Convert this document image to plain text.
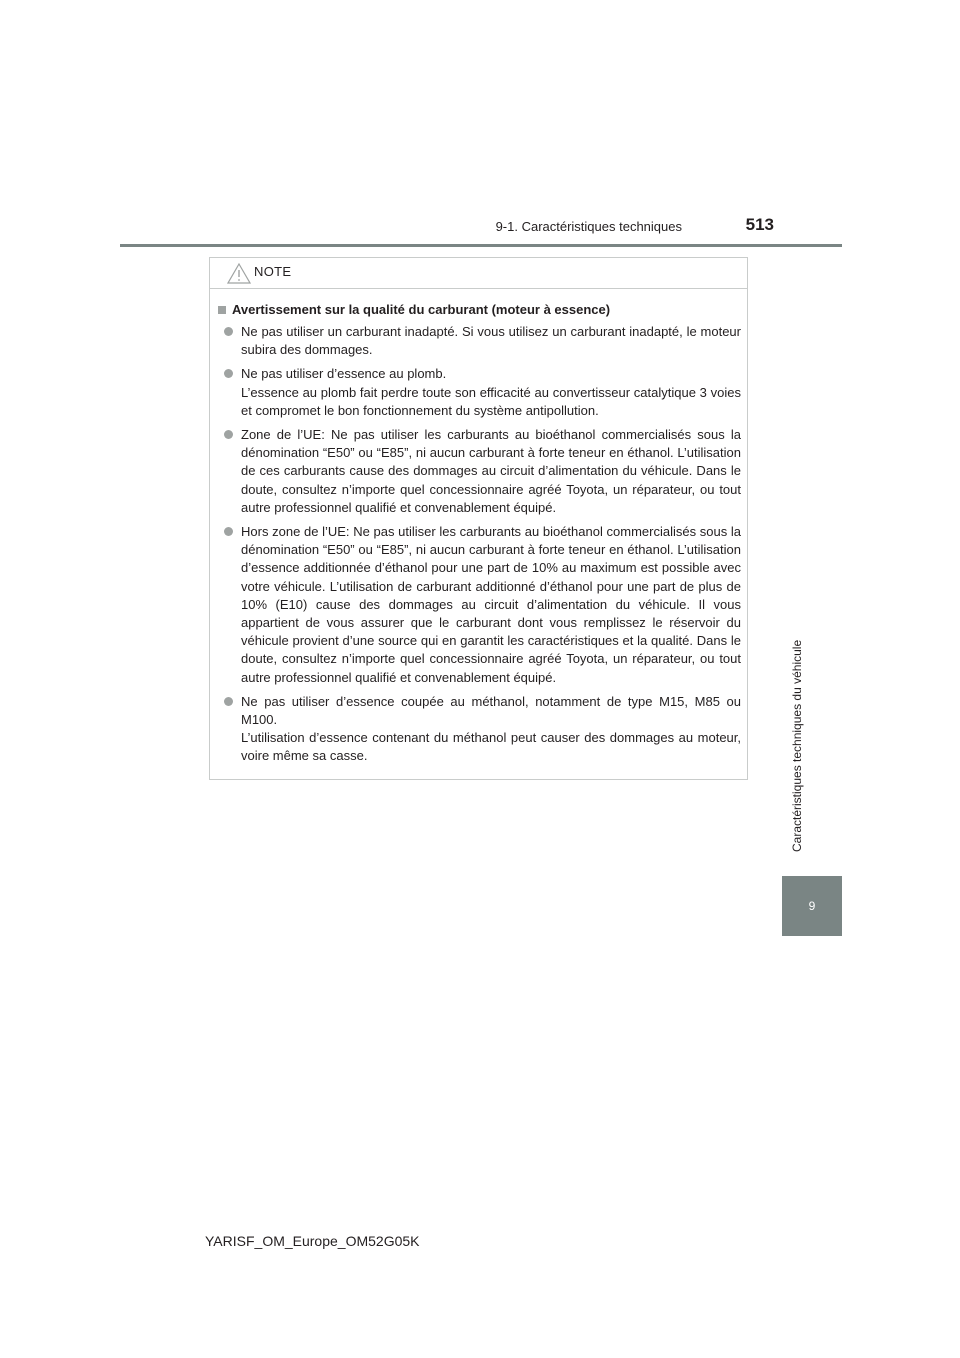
9-1. Caractéristiques techniques	513
Caractéristiques techniques du véhicule
9
NOTE
Avertissement sur la qualité du carburant (moteur à essence)
Ne pas utiliser un carburant inadapté. Si vous utilisez un carburant inadapté, le moteur subira des dommages.
Ne pas utiliser d’essence au plomb.
L’essence au plomb fait perdre toute son efficacité au convertisseur catalytique 3 voies et compromet le bon fonctionnement du système antipollution.
Zone de l’UE: Ne pas utiliser les carburants au bioéthanol commercialisés sous la dénomination “E50” ou “E85”, ni aucun carburant à forte teneur en éthanol. L’utilisation de ces carburants cause des dommages au circuit d’alimentation du véhicule. Dans le doute, consultez n’importe quel concessionnaire agréé Toyota, un réparateur, ou tout autre professionnel qualifié et convenablement équipé.
Hors zone de l’UE: Ne pas utiliser les carburants au bioéthanol commercialisés sous la dénomination “E50” ou “E85”, ni aucun carburant à forte teneur en éthanol. L’utilisation d’essence additionnée d’éthanol pour une part de 10% au maximum est possible avec votre véhicule. L’utilisation de carburant additionné d’éthanol pour une part de plus de 10% (E10) cause des dommages au circuit d’alimentation du véhicule. Il vous appartient de vous assurer que le carburant dont vous remplissez le réservoir du véhicule provient d’une source qui en garantit les caractéristiques et la qualité. Dans le doute, consultez n’importe quel concessionnaire agréé Toyota, un réparateur, ou tout autre professionnel qualifié et convenablement équipé.
Ne pas utiliser d’essence coupée au méthanol, notamment de type M15, M85 ou M100.
L’utilisation d’essence contenant du méthanol peut causer des dommages au moteur, voire même sa casse.
YARISF_OM_Europe_OM52G05K
